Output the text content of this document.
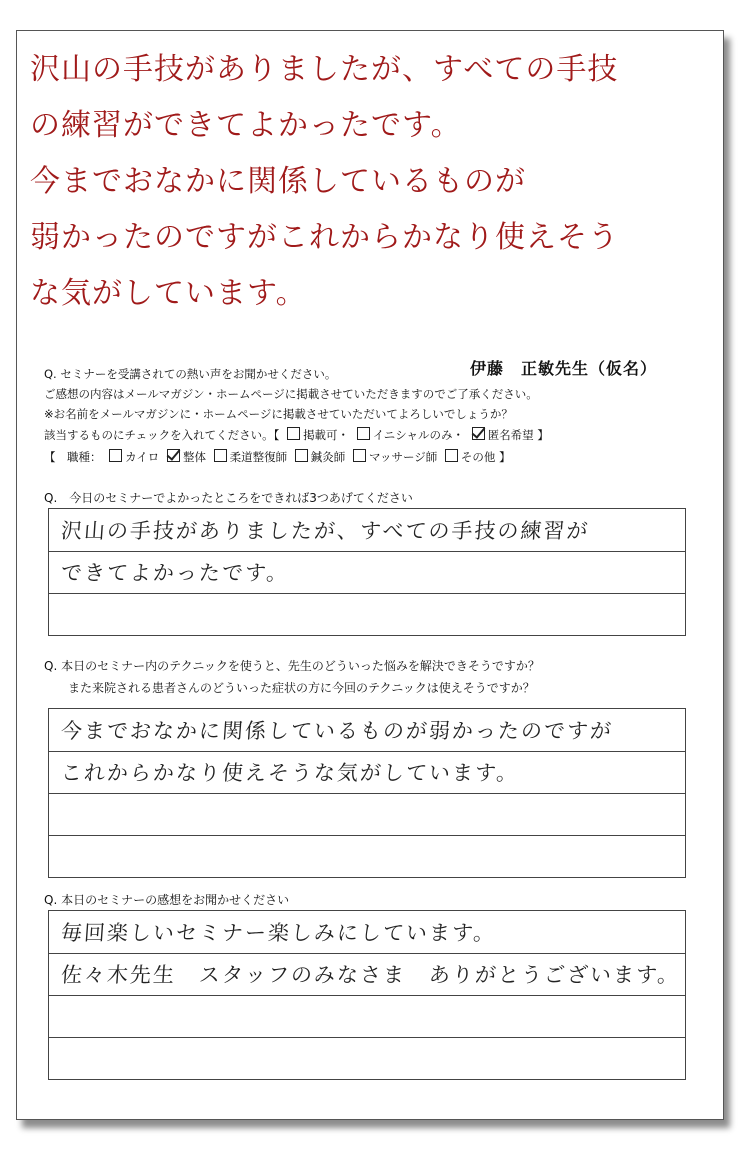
沢山の手技がありましたが、すべての手技
の練習ができてよかったです。
今までおなかに関係しているものが
弱かったのですがこれからかなり使えそう
な気がしています。
伊藤　正敏先生（仮名）
Q. セミナーを受講されての熱い声をお聞かせください。
ご感想の内容はメールマガジン・ホームページに掲載させていただきますのでご了承ください。
※お名前をメールマガジンに・ホームページに掲載させていただいてよろしいでしょうか？
該当するものにチェックを入れてください。【 掲載可・ イニシャルのみ・ 匿名希望 】
【　職種： カイロ 整体 柔道整復師 鍼灸師 マッサージ師 その他 】
Q.　今日のセミナーでよかったところをできれば3つあげてください
沢山の手技がありましたが、すべての手技の練習が
できてよかったです。
Q. 本日のセミナー内のテクニックを使うと、先生のどういった悩みを解決できそうですか？
また来院される患者さんのどういった症状の方に今回のテクニックは使えそうですか？
今までおなかに関係しているものが弱かったのですが
これからかなり使えそうな気がしています。
Q. 本日のセミナーの感想をお聞かせください
毎回楽しいセミナー楽しみにしています。
佐々木先生　スタッフのみなさま　ありがとうございます。
